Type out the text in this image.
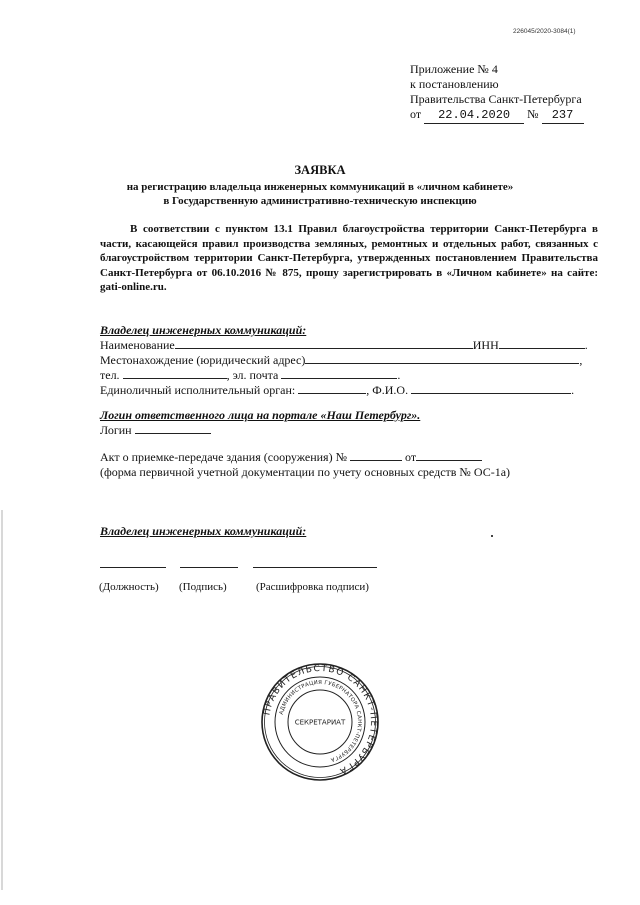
226045/2020-3084(1)
Приложение № 4
к постановлению
Правительства Санкт-Петербурга
от 22.04.2020 № 237
ЗАЯВКА
на регистрацию владельца инженерных коммуникаций в «личном кабинете»
в Государственную административно-техническую инспекцию
В соответствии с пунктом 13.1 Правил благоустройства территории Санкт-Петербурга в части, касающейся правил производства земляных, ремонтных и отдельных работ, связанных с благоустройством территории Санкт-Петербурга, утвержденных постановлением Правительства Санкт-Петербурга от 06.10.2016 № 875, прошу зарегистрировать в «Личном кабинете» на сайте: gati-online.ru.
Владелец инженерных коммуникаций:
Наименование	ИНН	.
Местонахождение (юридический адрес)	,
тел.	, эл. почта	.
Единоличный исполнительный орган:	, Ф.И.О.	.
Логин ответственного лица на портале «Наш Петербург».
Логин
Акт о приемке-передаче здания (сооружения) №	от
(форма первичной учетной документации по учету основных средств № ОС-1а)
Владелец инженерных коммуникаций:
(Должность) (Подпись)	(Расшифровка подписи)
ПРАВИТЕЛЬСТВО САНКТ-ПЕТЕРБУРГА
АДМИНИСТРАЦИЯ ГУБЕРНАТОРА САНКТ-ПЕТЕРБУРГА
СЕКРЕТАРИАТ
